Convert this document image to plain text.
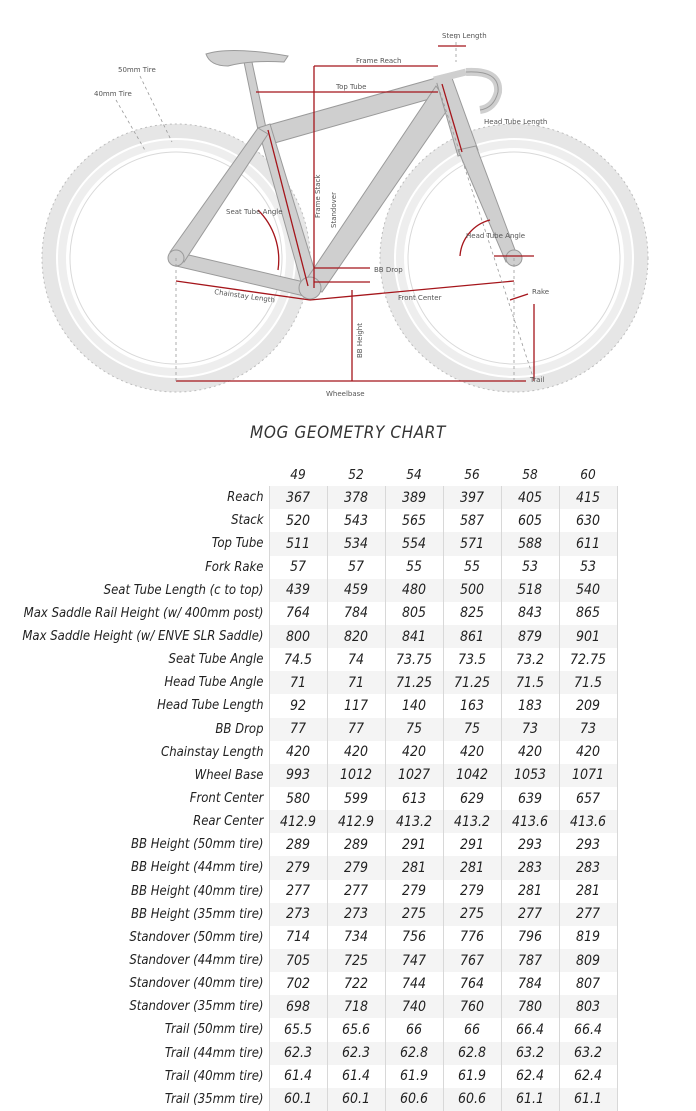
Stem Length
Frame Reach
Top Tube
50mm Tire
40mm Tire
Head Tube Length
Seat Tube Angle
Head Tube Angle
BB Drop
Front Center
Rake
Trail
Wheelbase
Chainstay Length
Frame Stack Standover
BB Height
MOG GEOMETRY CHART
	49	52	54	56	58	60
Reach	367	378	389	397	405	415
Stack	520	543	565	587	605	630
Top Tube	511	534	554	571	588	611
Fork Rake	57	57	55	55	53	53
Seat Tube Length (c to top)	439	459	480	500	518	540
Max Saddle Rail Height (w/ 400mm post)	764	784	805	825	843	865
Max Saddle Height (w/ ENVE SLR Saddle)	800	820	841	861	879	901
Seat Tube Angle	74.5	74	73.75	73.5	73.2	72.75
Head Tube Angle	71	71	71.25	71.25	71.5	71.5
Head Tube Length	92	117	140	163	183	209
BB Drop	77	77	75	75	73	73
Chainstay Length	420	420	420	420	420	420
Wheel Base	993	1012	1027	1042	1053	1071
Front Center	580	599	613	629	639	657
Rear Center	412.9	412.9	413.2	413.2	413.6	413.6
BB Height (50mm tire)	289	289	291	291	293	293
BB Height (44mm tire)	279	279	281	281	283	283
BB Height (40mm tire)	277	277	279	279	281	281
BB Height (35mm tire)	273	273	275	275	277	277
Standover (50mm tire)	714	734	756	776	796	819
Standover (44mm tire)	705	725	747	767	787	809
Standover (40mm tire)	702	722	744	764	784	807
Standover (35mm tire)	698	718	740	760	780	803
Trail (50mm tire)	65.5	65.6	66	66	66.4	66.4
Trail (44mm tire)	62.3	62.3	62.8	62.8	63.2	63.2
Trail (40mm tire)	61.4	61.4	61.9	61.9	62.4	62.4
Trail (35mm tire)	60.1	60.1	60.6	60.6	61.1	61.1
